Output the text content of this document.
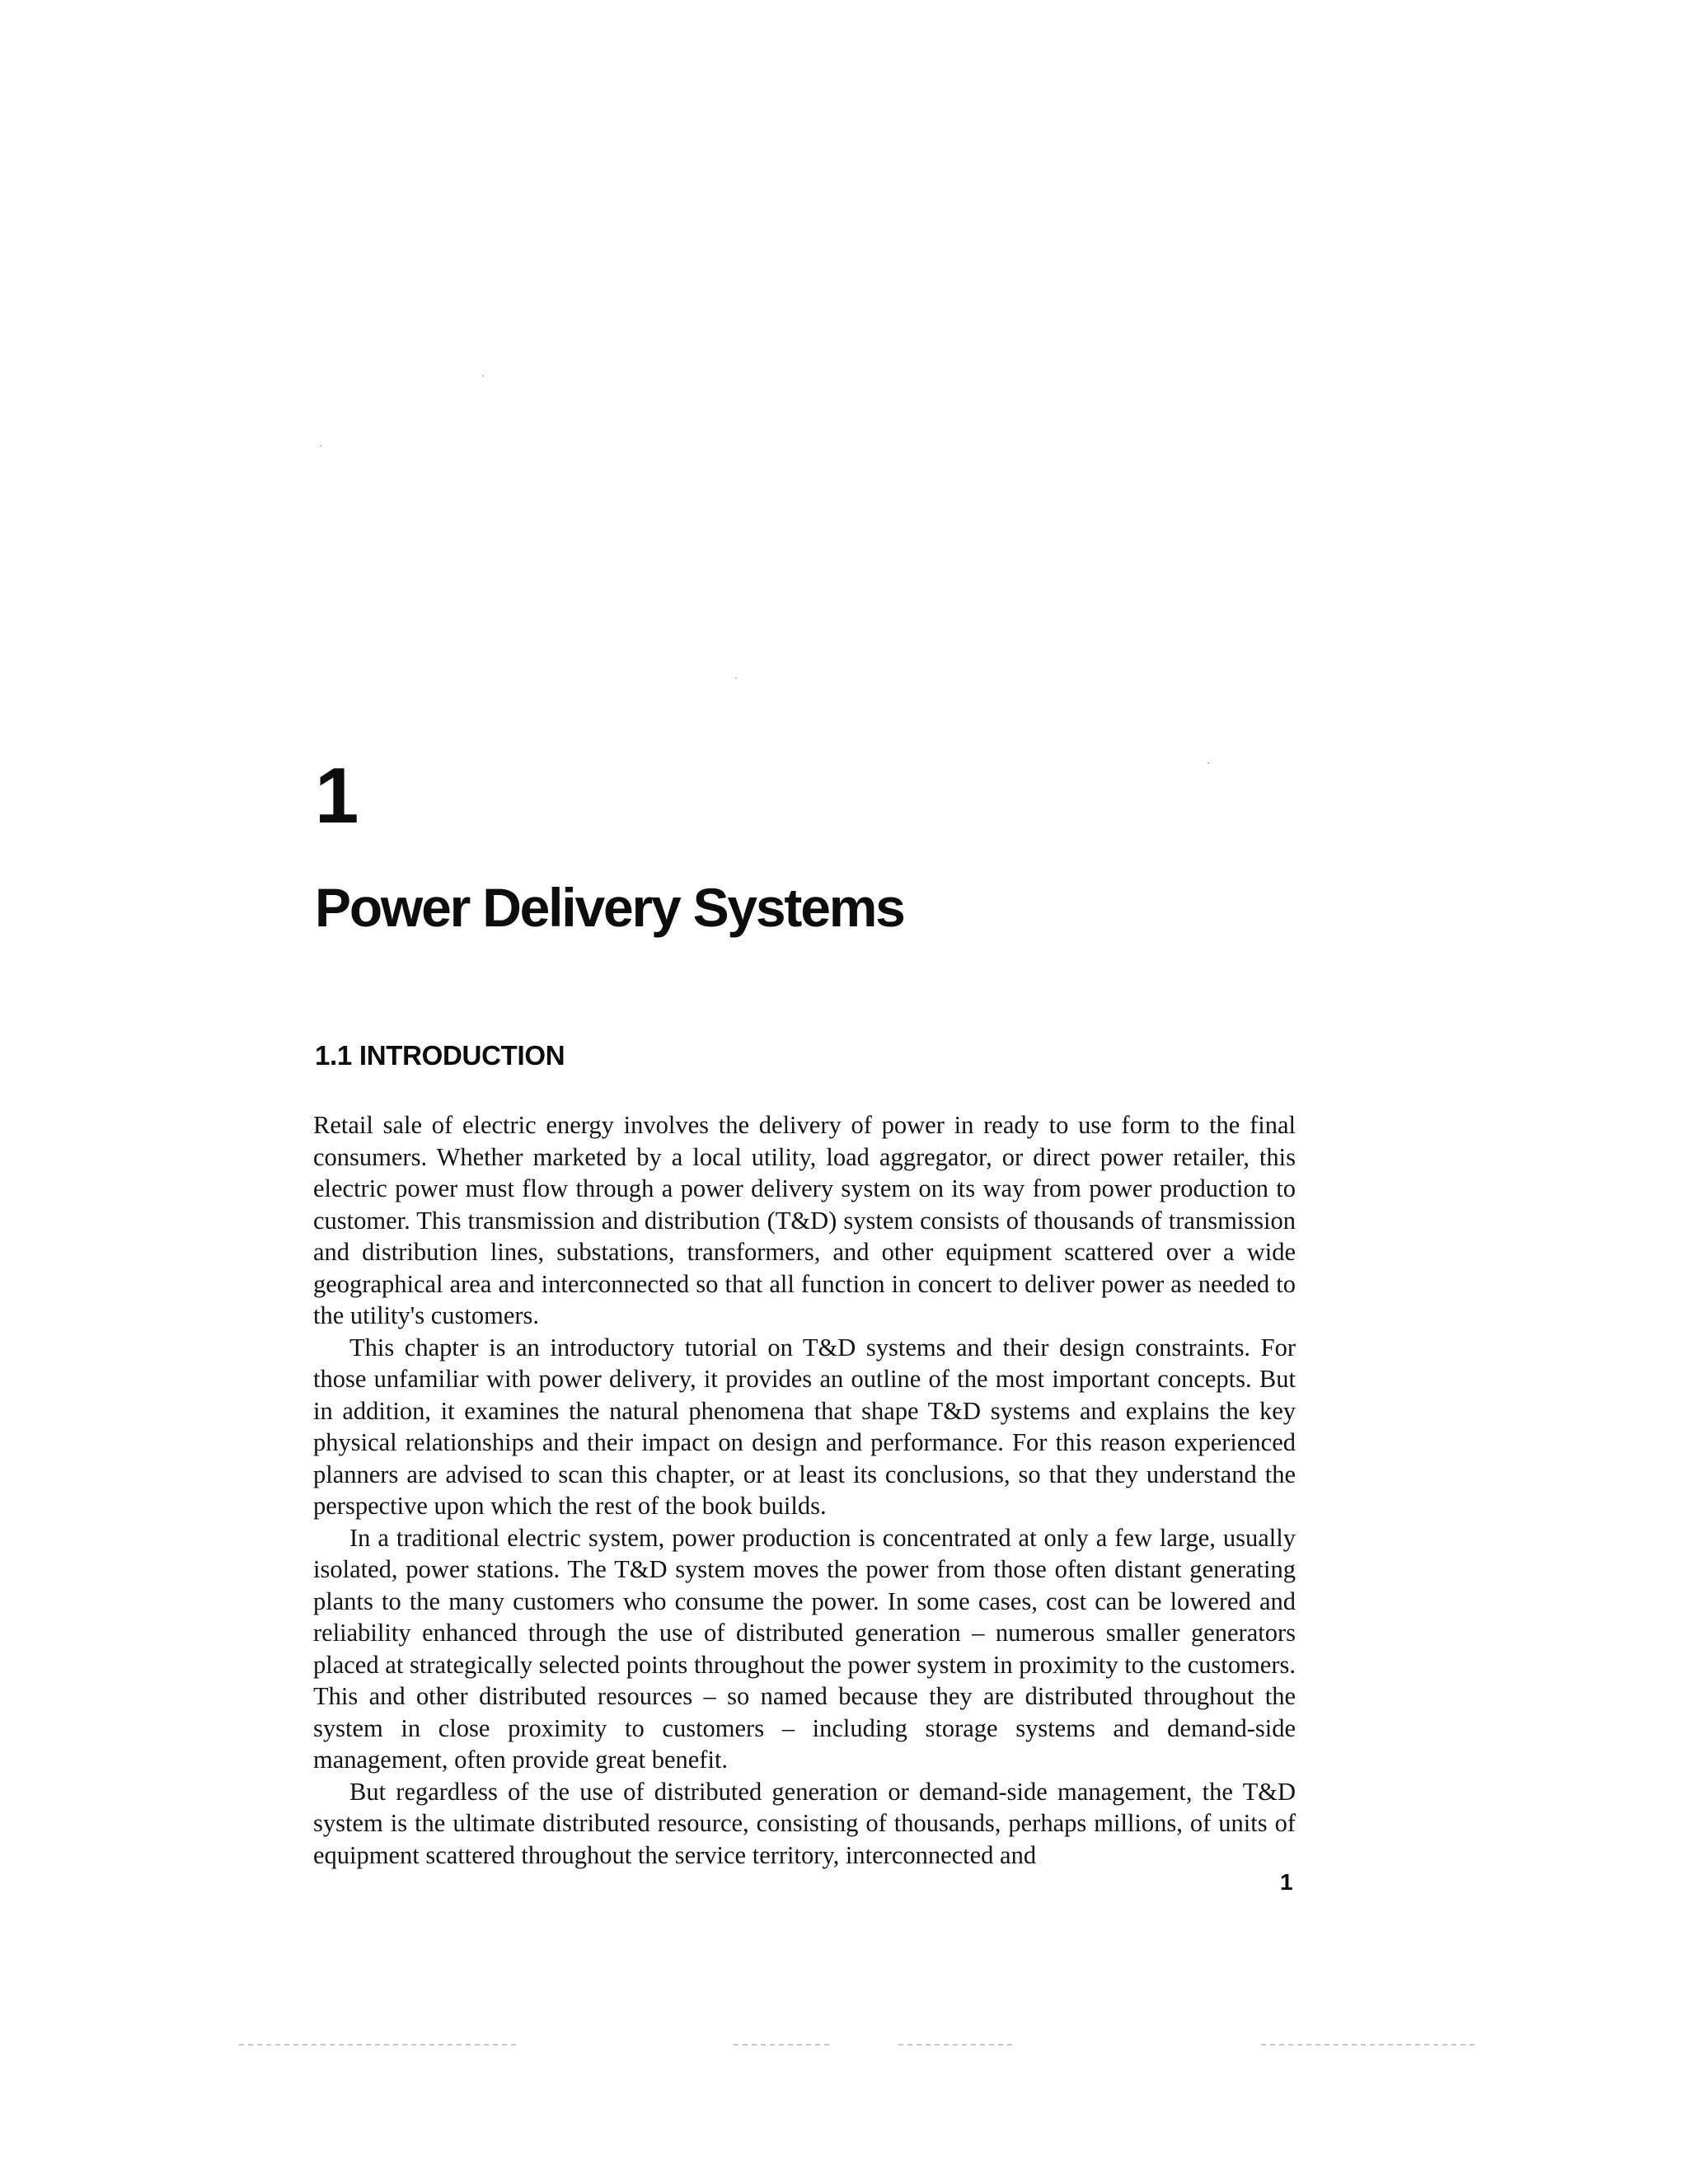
1
Power Delivery Systems
1.1 INTRODUCTION

Retail sale of electric energy involves the delivery of power in ready to use form to the final consumers. Whether marketed by a local utility, load aggregator, or direct power retailer, this electric power must flow through a power delivery system on its way from power production to customer. This transmission and distribution (T&D) system consists of thousands of transmission and distribution lines, substations, transformers, and other equipment scattered over a wide geographical area and interconnected so that all function in concert to deliver power as needed to the utility's customers.

This chapter is an introductory tutorial on T&D systems and their design constraints. For those unfamiliar with power delivery, it provides an outline of the most important concepts. But in addition, it examines the natural phenomena that shape T&D systems and explains the key physical relationships and their impact on design and performance. For this reason experienced planners are advised to scan this chapter, or at least its conclusions, so that they understand the perspective upon which the rest of the book builds.

In a traditional electric system, power production is concentrated at only a few large, usually isolated, power stations. The T&D system moves the power from those often distant generating plants to the many customers who consume the power. In some cases, cost can be lowered and reliability enhanced through the use of distributed generation – numerous smaller generators placed at strategically selected points throughout the power system in proximity to the customers. This and other distributed resources – so named because they are distributed throughout the system in close proximity to customers – including storage systems and demand-side management, often provide great benefit.

But regardless of the use of distributed generation or demand-side management, the T&D system is the ultimate distributed resource, consisting of thousands, perhaps millions, of units of equipment scattered throughout the service territory, interconnected and

1
